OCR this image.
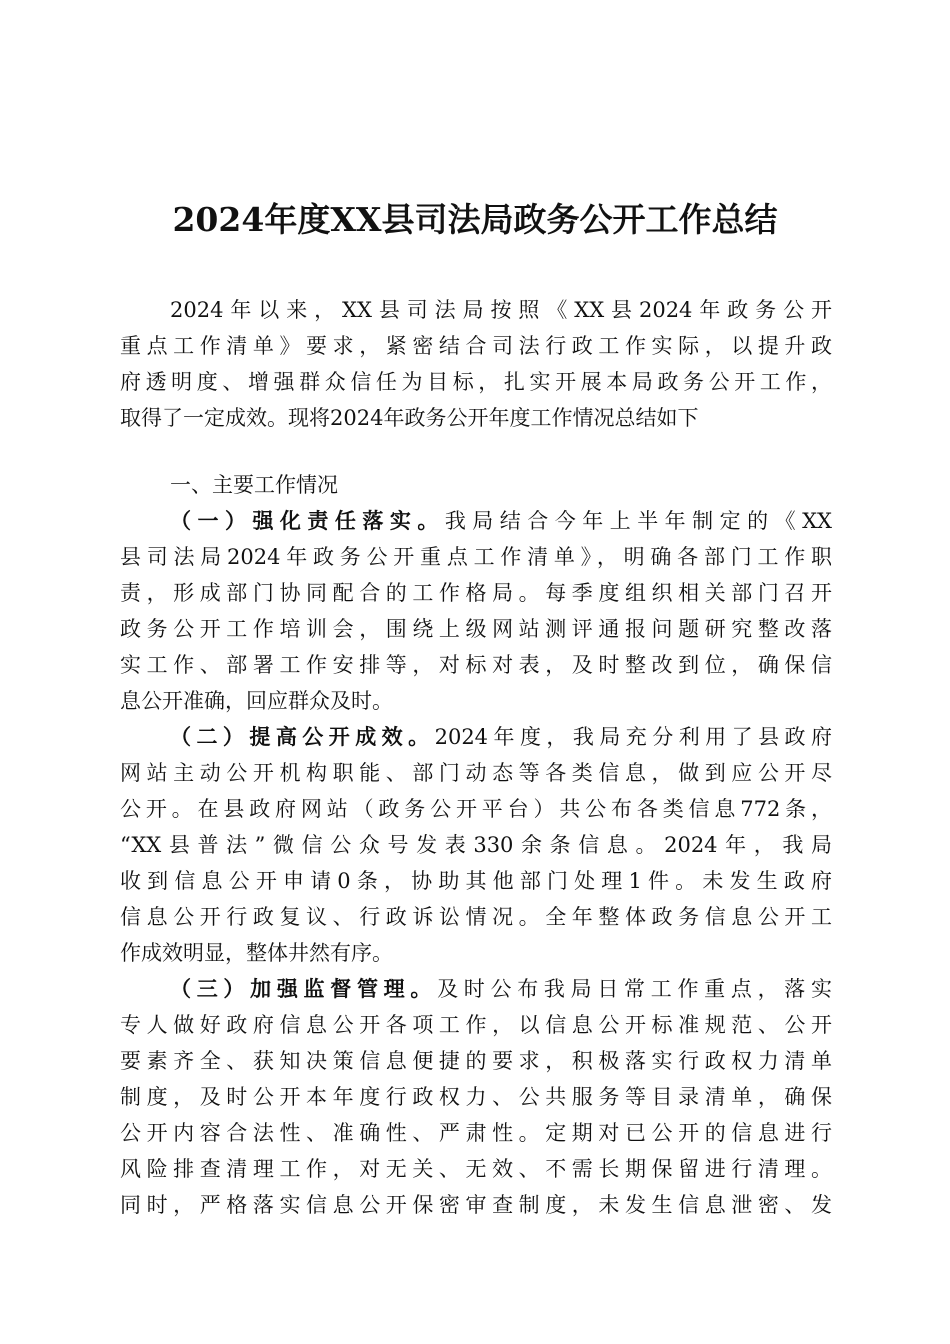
2024年度XX县司法局政务公开工作总结
2024年以来，XX县司法局按照《XX县2024年政务公开
重点工作清单》要求，紧密结合司法行政工作实际，以提升政
府透明度、增强群众信任为目标，扎实开展本局政务公开工作，
取得了一定成效。现将2024年政务公开年度工作情况总结如下
一、主要工作情况
（一）强化责任落实。我局结合今年上半年制定的《XX
县司法局2024年政务公开重点工作清单》，明确各部门工作职
责，形成部门协同配合的工作格局。每季度组织相关部门召开
政务公开工作培训会，围绕上级网站测评通报问题研究整改落
实工作、部署工作安排等，对标对表，及时整改到位，确保信
息公开准确，回应群众及时。
（二）提高公开成效。2024年度，我局充分利用了县政府
网站主动公开机构职能、部门动态等各类信息，做到应公开尽
公开。在县政府网站（政务公开平台）共公布各类信息772条，
“XX县普法”微信公众号发表330余条信息。2024年，我局
收到信息公开申请0条，协助其他部门处理1件。未发生政府
信息公开行政复议、行政诉讼情况。全年整体政务信息公开工
作成效明显，整体井然有序。
（三）加强监督管理。及时公布我局日常工作重点，落实
专人做好政府信息公开各项工作，以信息公开标准规范、公开
要素齐全、获知决策信息便捷的要求，积极落实行政权力清单
制度，及时公开本年度行政权力、公共服务等目录清单，确保
公开内容合法性、准确性、严肃性。定期对已公开的信息进行
风险排查清理工作，对无关、无效、不需长期保留进行清理。
同时，严格落实信息公开保密审查制度，未发生信息泄密、发
